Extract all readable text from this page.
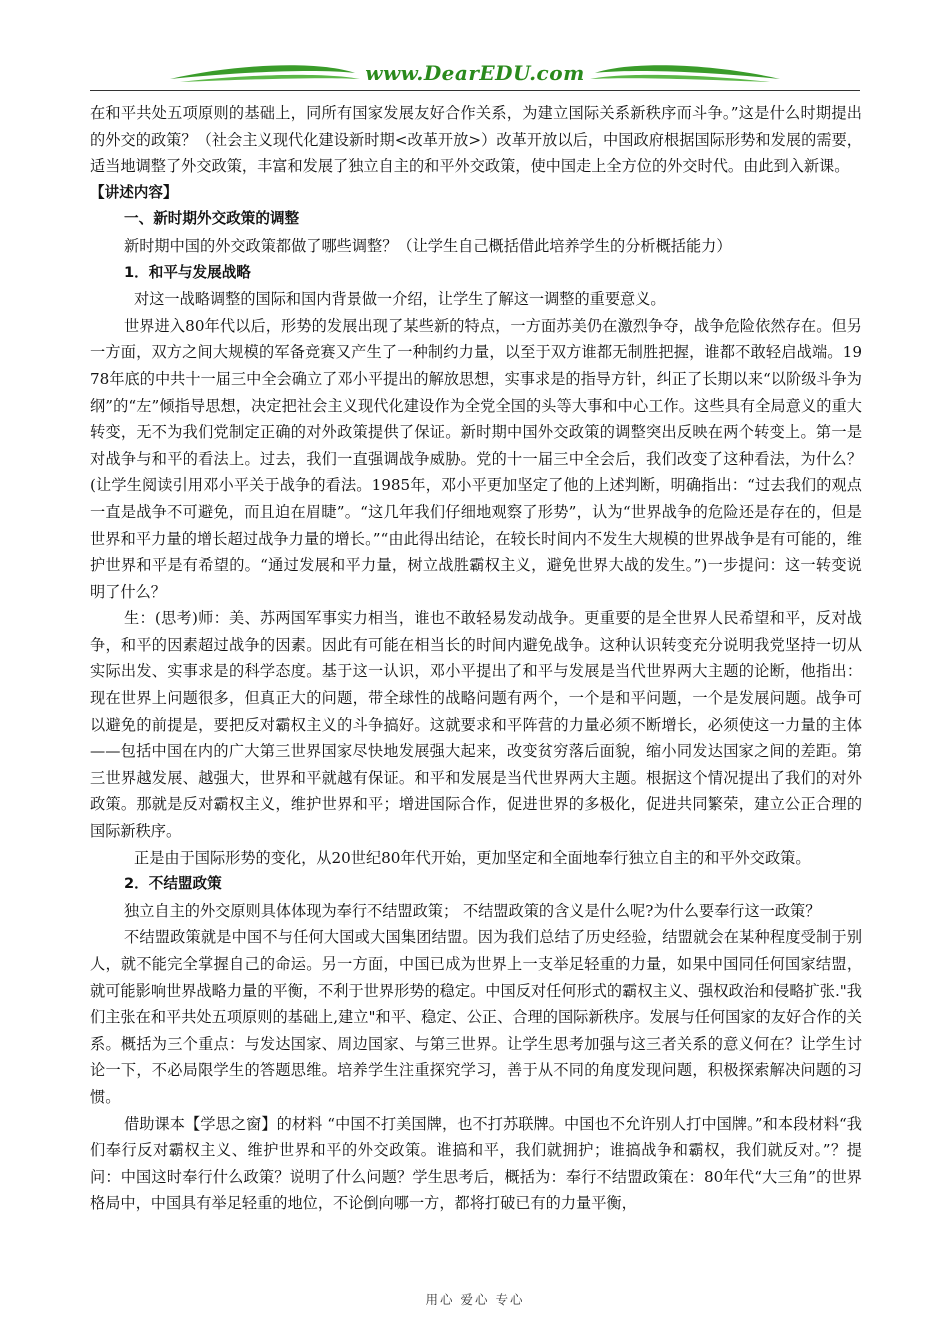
www.DearEDU.com

在和平共处五项原则的基础上，同所有国家发展友好合作关系，为建立国际关系新秩序而斗争。”这是什么时期提出的外交的政策？（社会主义现代化建设新时期<改革开放>）改革开放以后，中国政府根据国际形势和发展的需要，适当地调整了外交政策，丰富和发展了独立自主的和平外交政策，使中国走上全方位的外交时代。由此到入新课。

【讲述内容】

一、新时期外交政策的调整

新时期中国的外交政策都做了哪些调整？（让学生自己概括借此培养学生的分析概括能力）

1．和平与发展战略

对这一战略调整的国际和国内背景做一介绍，让学生了解这一调整的重要意义。

世界进入80年代以后，形势的发展出现了某些新的特点，一方面苏美仍在激烈争夺，战争危险依然存在。但另一方面，双方之间大规模的军备竞赛又产生了一种制约力量，以至于双方谁都无制胜把握，谁都不敢轻启战端。1978年底的中共十一届三中全会确立了邓小平提出的解放思想，实事求是的指导方针，纠正了长期以来“以阶级斗争为纲”的“左”倾指导思想，决定把社会主义现代化建设作为全党全国的头等大事和中心工作。这些具有全局意义的重大转变，无不为我们党制定正确的对外政策提供了保证。新时期中国外交政策的调整突出反映在两个转变上。第一是对战争与和平的看法上。过去，我们一直强调战争威胁。党的十一届三中全会后，我们改变了这种看法，为什么？(让学生阅读引用邓小平关于战争的看法。1985年，邓小平更加坚定了他的上述判断，明确指出：“过去我们的观点一直是战争不可避免，而且迫在眉睫”。“这几年我们仔细地观察了形势”，认为“世界战争的危险还是存在的，但是世界和平力量的增长超过战争力量的增长。”“由此得出结论，在较长时间内不发生大规模的世界战争是有可能的，维护世界和平是有希望的。“通过发展和平力量，树立战胜霸权主义，避免世界大战的发生。”)一步提问：这一转变说明了什么？

生：(思考)师：美、苏两国军事实力相当，谁也不敢轻易发动战争。更重要的是全世界人民希望和平，反对战争，和平的因素超过战争的因素。因此有可能在相当长的时间内避免战争。这种认识转变充分说明我党坚持一切从实际出发、实事求是的科学态度。基于这一认识，邓小平提出了和平与发展是当代世界两大主题的论断，他指出：现在世界上问题很多，但真正大的问题，带全球性的战略问题有两个，一个是和平问题，一个是发展问题。战争可以避免的前提是，要把反对霸权主义的斗争搞好。这就要求和平阵营的力量必须不断增长，必须使这一力量的主体——包括中国在内的广大第三世界国家尽快地发展强大起来，改变贫穷落后面貌，缩小同发达国家之间的差距。第三世界越发展、越强大，世界和平就越有保证。和平和发展是当代世界两大主题。根据这个情况提出了我们的对外政策。那就是反对霸权主义，维护世界和平；增进国际合作，促进世界的多极化，促进共同繁荣，建立公正合理的国际新秩序。

正是由于国际形势的变化，从20世纪80年代开始，更加坚定和全面地奉行独立自主的和平外交政策。

2．不结盟政策

独立自主的外交原则具体体现为奉行不结盟政策； 不结盟政策的含义是什么呢?为什么要奉行这一政策？

不结盟政策就是中国不与任何大国或大国集团结盟。因为我们总结了历史经验，结盟就会在某种程度受制于别人，就不能完全掌握自己的命运。另一方面，中国已成为世界上一支举足轻重的力量，如果中国同任何国家结盟，就可能影响世界战略力量的平衡，不利于世界形势的稳定。中国反对任何形式的霸权主义、强权政治和侵略扩张."我们主张在和平共处五项原则的基础上,建立"和平、稳定、公正、合理的国际新秩序。发展与任何国家的友好合作的关系。概括为三个重点：与发达国家、周边国家、与第三世界。让学生思考加强与这三者关系的意义何在？让学生讨论一下，不必局限学生的答题思维。培养学生注重探究学习，善于从不同的角度发现问题，积极探索解决问题的习惯。

借助课本【学思之窗】的材料 “中国不打美国牌，也不打苏联牌。中国也不允许别人打中国牌。”和本段材料“我们奉行反对霸权主义、维护世界和平的外交政策。谁搞和平，我们就拥护；谁搞战争和霸权，我们就反对。”？提问：中国这时奉行什么政策？说明了什么问题？学生思考后，概括为：奉行不结盟政策在：80年代“大三角”的世界格局中，中国具有举足轻重的地位，不论倒向哪一方，都将打破已有的力量平衡，

用心 爱心 专心
